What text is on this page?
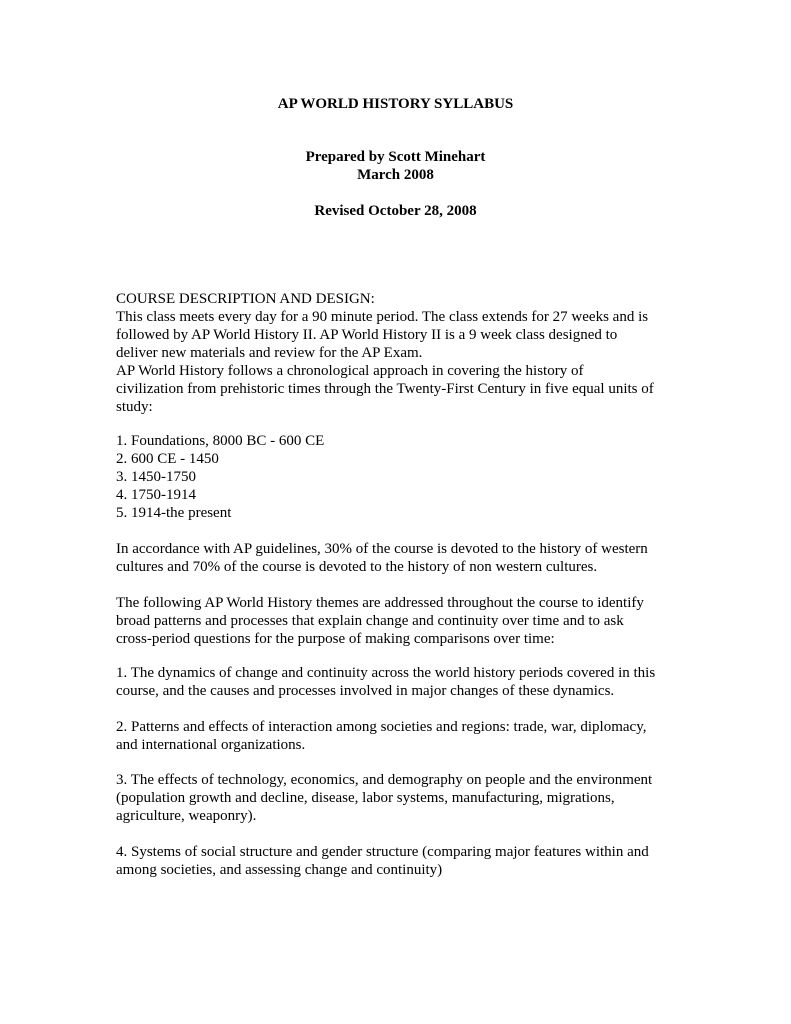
AP WORLD HISTORY SYLLABUS

Prepared by Scott Minehart

March 2008

Revised October 28, 2008

COURSE DESCRIPTION AND DESIGN:
This class meets every day for a 90 minute period. The class extends for 27 weeks and is
followed by AP World History II. AP World History II is a 9 week class designed to
deliver new materials and review for the AP Exam.
AP World History follows a chronological approach in covering the history of
civilization from prehistoric times through the Twenty-First Century in five equal units of
study:
1. Foundations, 8000 BC - 600 CE
2. 600 CE - 1450
3. 1450-1750
4. 1750-1914
5. 1914-the present
In accordance with AP guidelines, 30% of the course is devoted to the history of western
cultures and 70% of the course is devoted to the history of non western cultures.
The following AP World History themes are addressed throughout the course to identify
broad patterns and processes that explain change and continuity over time and to ask
cross-period questions for the purpose of making comparisons over time:
1. The dynamics of change and continuity across the world history periods covered in this
course, and the causes and processes involved in major changes of these dynamics.
2. Patterns and effects of interaction among societies and regions: trade, war, diplomacy,
and international organizations.
3. The effects of technology, economics, and demography on people and the environment
(population growth and decline, disease, labor systems, manufacturing, migrations,
agriculture, weaponry).
4. Systems of social structure and gender structure (comparing major features within and
among societies, and assessing change and continuity)
